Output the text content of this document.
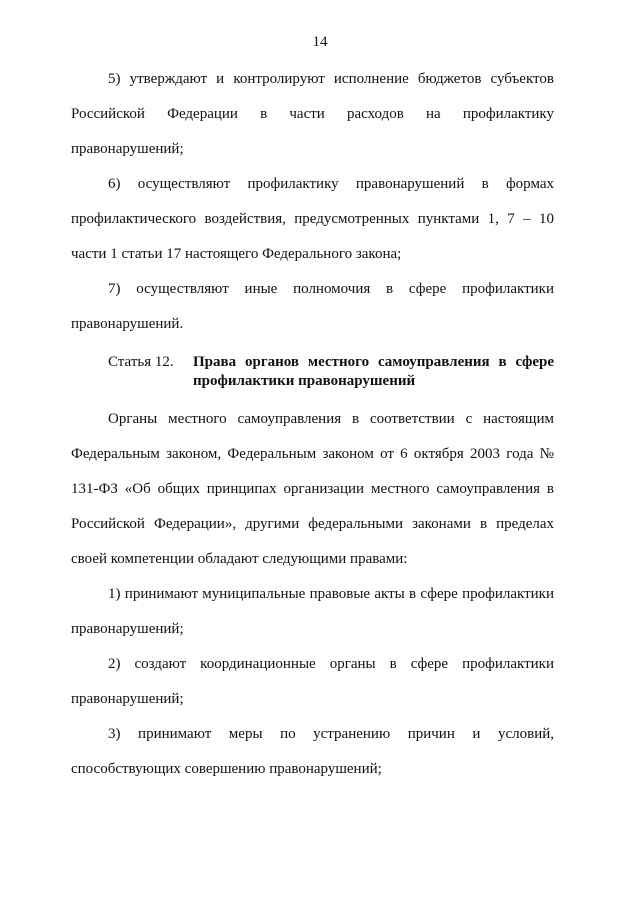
14

5) утверждают и контролируют исполнение бюджетов субъектов Российской Федерации в части расходов на профилактику правонарушений;

6) осуществляют профилактику правонарушений в формах профилактического воздействия, предусмотренных пунктами 1, 7 – 10 части 1 статьи 17 настоящего Федерального закона;

7) осуществляют иные полномочия в сфере профилактики правонарушений.

Статья 12. Права органов местного самоуправления в сфере профилактики правонарушений

Органы местного самоуправления в соответствии с настоящим Федеральным законом, Федеральным законом от 6 октября 2003 года № 131-ФЗ «Об общих принципах организации местного самоуправления в Российской Федерации», другими федеральными законами в пределах своей компетенции обладают следующими правами:

1) принимают муниципальные правовые акты в сфере профилактики правонарушений;

2) создают координационные органы в сфере профилактики правонарушений;

3) принимают меры по устранению причин и условий, способствующих совершению правонарушений;
